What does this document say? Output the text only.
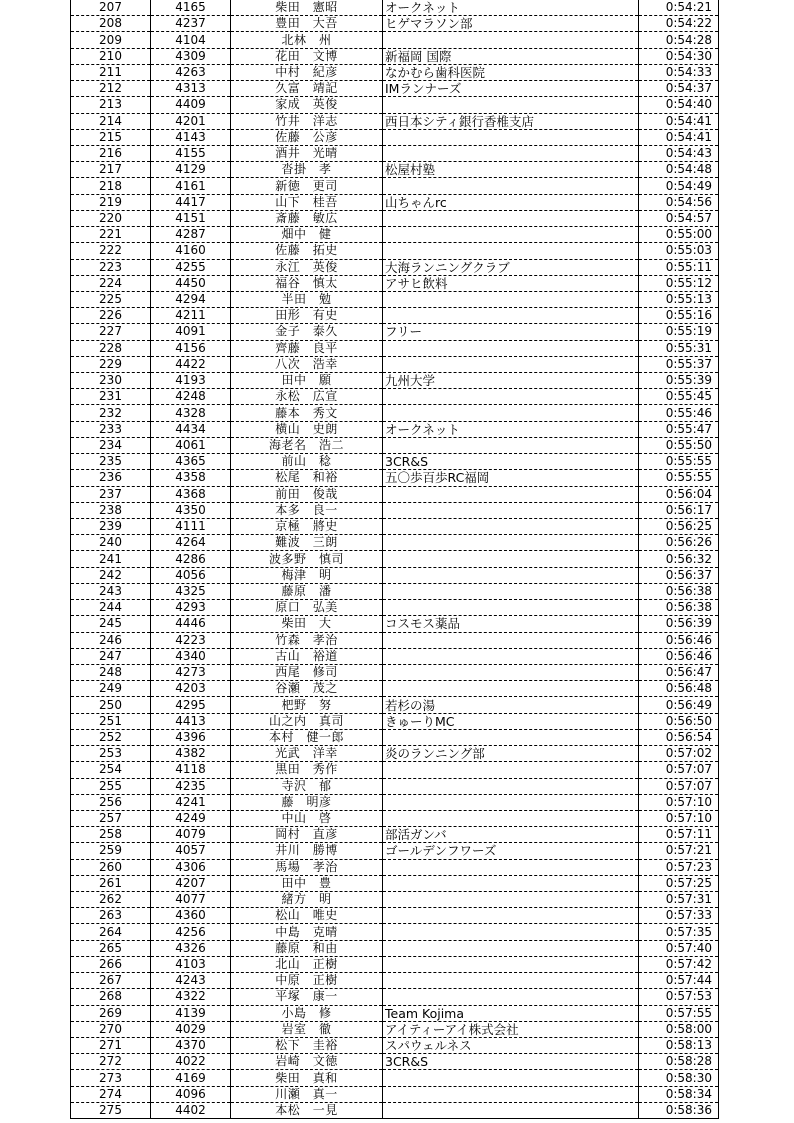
207	4165	柴田　憲昭	オークネット	0:54:21
208	4237	豊田　大吾	ヒゲマラソン部	0:54:22
209	4104	北林　州		0:54:28
210	4309	花田　文博	新福岡 国際	0:54:30
211	4263	中村　紀彦	なかむら歯科医院	0:54:33
212	4313	久富　靖記	IMランナーズ	0:54:37
213	4409	家成　英俊		0:54:40
214	4201	竹井　洋志	西日本シティ銀行香椎支店	0:54:41
215	4143	佐藤　公彦		0:54:41
216	4155	酒井　光晴		0:54:43
217	4129	沓掛　孝	松屋村塾	0:54:48
218	4161	新徳　更司		0:54:49
219	4417	山下　桂吾	山ちゃんrc	0:54:56
220	4151	斎藤　敏広		0:54:57
221	4287	畑中　健		0:55:00
222	4160	佐藤　拓史		0:55:03
223	4255	永江　英俊	大海ランニングクラブ	0:55:11
224	4450	福谷　慎太	アサヒ飲料	0:55:12
225	4294	半田　勉		0:55:13
226	4211	田形　有史		0:55:16
227	4091	金子　泰久	フリー	0:55:19
228	4156	齊藤　良平		0:55:31
229	4422	八次　浩幸		0:55:37
230	4193	田中　願	九州大学	0:55:39
231	4248	永松　広宣		0:55:45
232	4328	藤本　秀文		0:55:46
233	4434	横山　史朗	オークネット	0:55:47
234	4061	海老名　浩二		0:55:50
235	4365	前山　稔	3CR&S	0:55:55
236	4358	松尾　和裕	五〇歩百歩RC福岡	0:55:55
237	4368	前田　俊哉		0:56:04
238	4350	本多　良一		0:56:17
239	4111	京極　將史		0:56:25
240	4264	難波　三朗		0:56:26
241	4286	波多野　慎司		0:56:32
242	4056	梅津　明		0:56:37
243	4325	藤原　潘		0:56:38
244	4293	原口　弘美		0:56:38
245	4446	柴田　大	コスモス薬品	0:56:39
246	4223	竹森　孝治		0:56:46
247	4340	古山　裕道		0:56:46
248	4273	西尾　修司		0:56:47
249	4203	谷瀬　茂之		0:56:48
250	4295	杷野　努	若杉の湯	0:56:49
251	4413	山之内　真司	きゅーりMC	0:56:50
252	4396	本村　健一郎		0:56:54
253	4382	光武　洋幸	炎のランニング部	0:57:02
254	4118	黒田　秀作		0:57:07
255	4235	寺沢　郁		0:57:07
256	4241	藤　明彦		0:57:10
257	4249	中山　啓		0:57:10
258	4079	岡村　直彦	部活ガンバ	0:57:11
259	4057	井川　勝博	ゴールデンフワーズ	0:57:21
260	4306	馬場　孝治		0:57:23
261	4207	田中　豊		0:57:25
262	4077	緒方　明		0:57:31
263	4360	松山　唯史		0:57:33
264	4256	中島　克晴		0:57:35
265	4326	藤原　和由		0:57:40
266	4103	北山　正樹		0:57:42
267	4243	中原　正樹		0:57:44
268	4322	平塚　康一		0:57:53
269	4139	小島　修	Team Kojima	0:57:55
270	4029	岩室　徹	アイティーアイ株式会社	0:58:00
271	4370	松下　圭裕	スパウェルネス	0:58:13
272	4022	岩崎　文徳	3CR&S	0:58:28
273	4169	柴田　真和		0:58:30
274	4096	川瀬　真一		0:58:34
275	4402	本松　一見		0:58:36
